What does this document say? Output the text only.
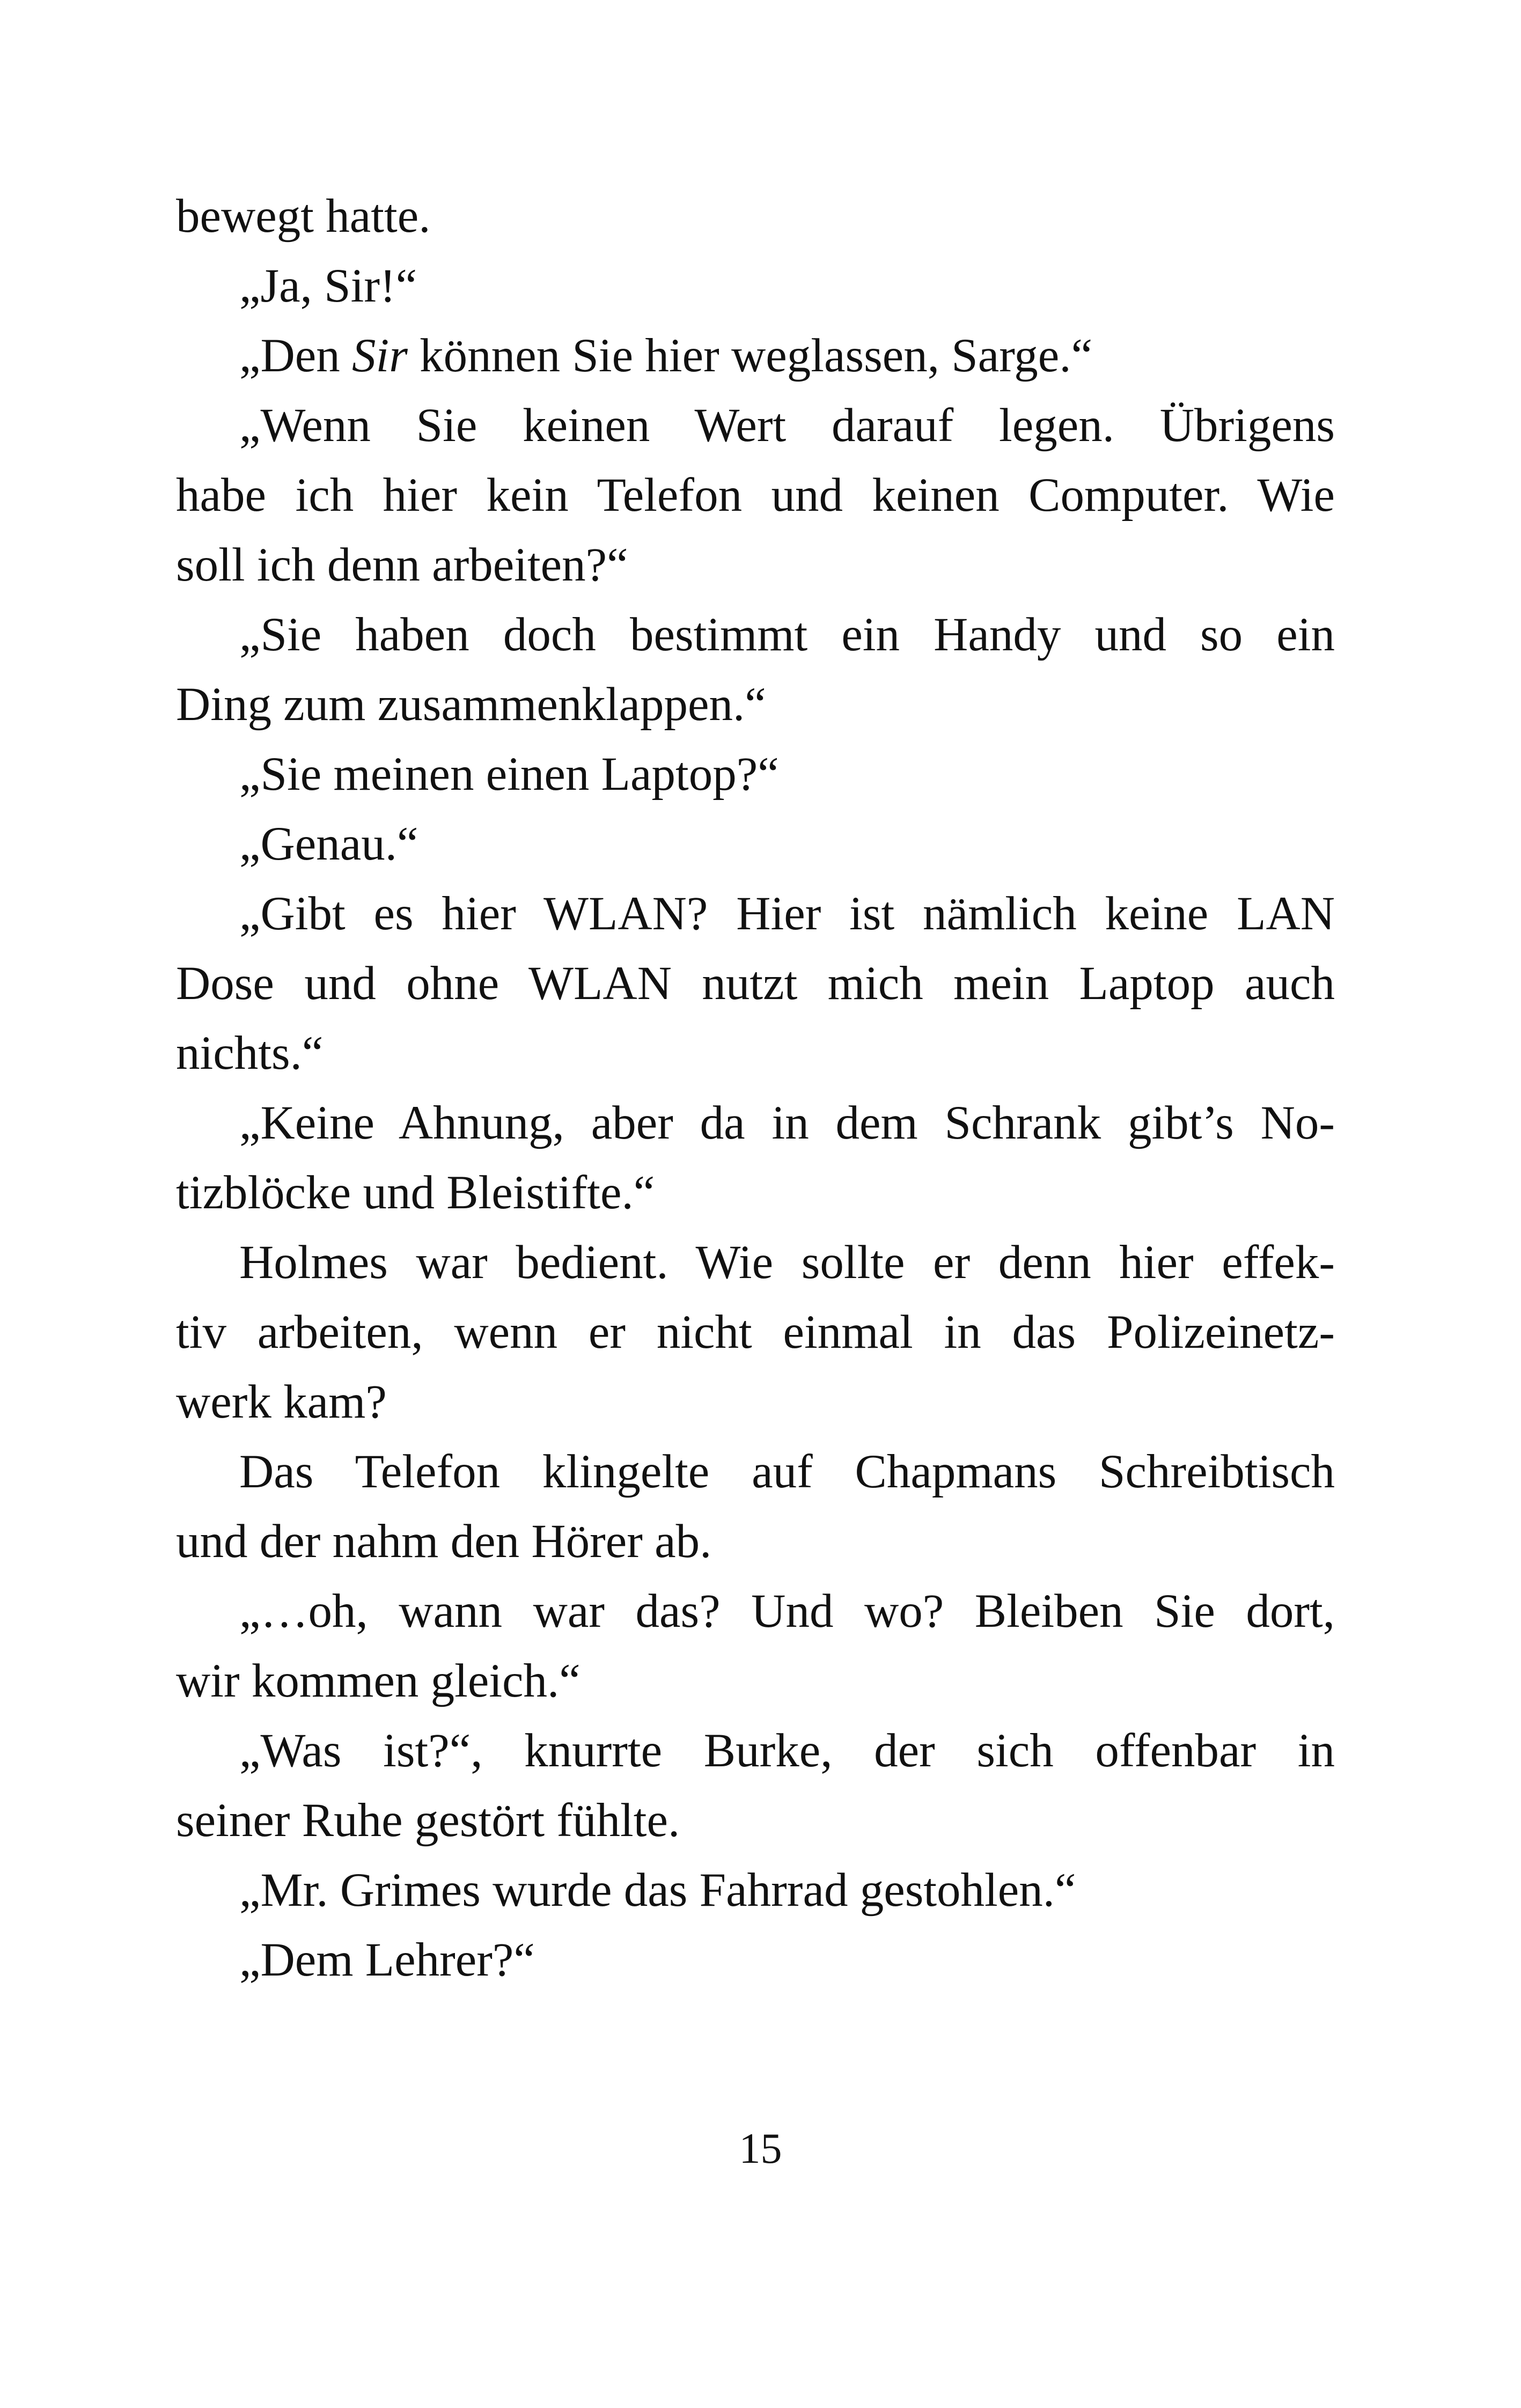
bewegt hatte.
„Ja, Sir!“
„Den Sir können Sie hier weglassen, Sarge.“
„Wenn Sie keinen Wert darauf legen. Übrigens
habe ich hier kein Telefon und keinen Computer. Wie
soll ich denn arbeiten?“
„Sie haben doch bestimmt ein Handy und so ein
Ding zum zusammenklappen.“
„Sie meinen einen Laptop?“
„Genau.“
„Gibt es hier WLAN? Hier ist nämlich keine LAN
Dose und ohne WLAN nutzt mich mein Laptop auch
nichts.“
„Keine Ahnung, aber da in dem Schrank gibt’s No-
tizblöcke und Bleistifte.“
Holmes war bedient. Wie sollte er denn hier effek-
tiv arbeiten, wenn er nicht einmal in das Polizeinetz-
werk kam?
Das Telefon klingelte auf Chapmans Schreibtisch
und der nahm den Hörer ab.
„…oh, wann war das? Und wo? Bleiben Sie dort,
wir kommen gleich.“
„Was ist?“, knurrte Burke, der sich offenbar in
seiner Ruhe gestört fühlte.
„Mr. Grimes wurde das Fahrrad gestohlen.“
„Dem Lehrer?“
15
